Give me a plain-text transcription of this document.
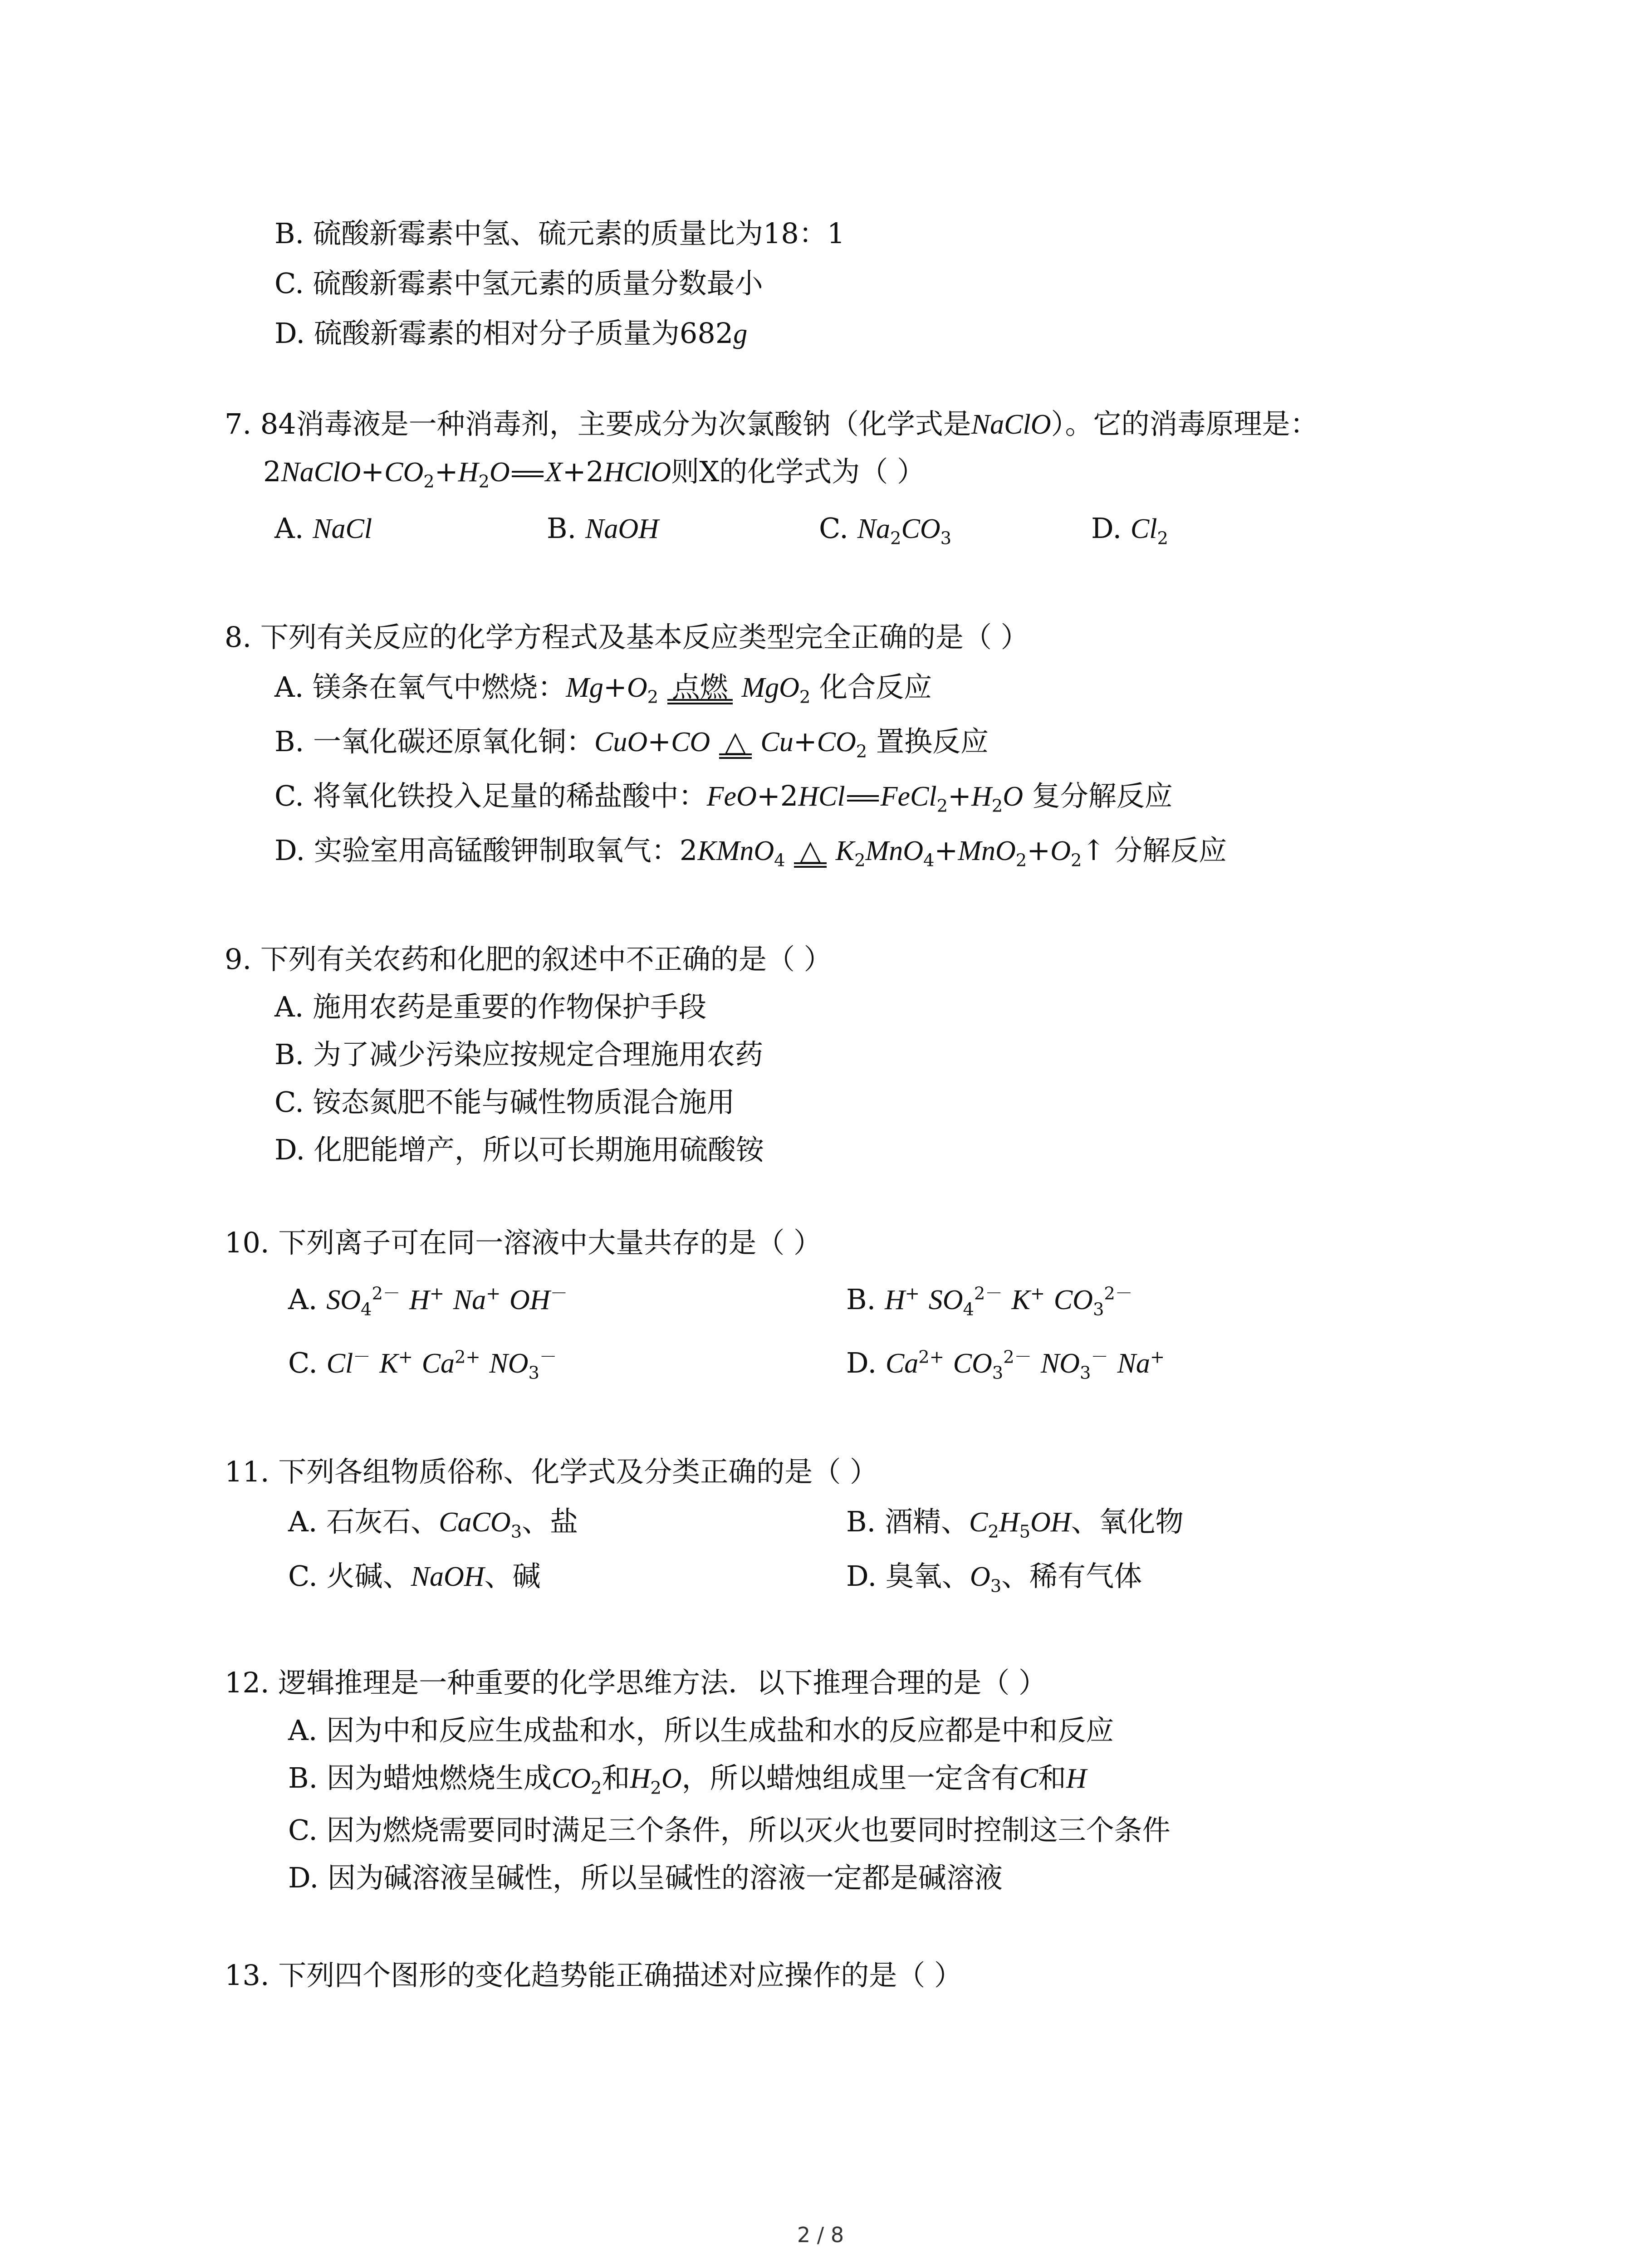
B. 硫酸新霉素中氢、硫元素的质量比为18：1
C. 硫酸新霉素中氢元素的质量分数最小
D. 硫酸新霉素的相对分子质量为682g
7. 84消毒液是一种消毒剂，主要成分为次氯酸钠（化学式是NaClO）。它的消毒原理是：
$2NaClO+CO_2+H_2O$ X+2HClO则X的化学式为（ ）
A. NaCl	B. NaOH	C. $Na_2CO_3$	D. $Cl_2$
8. 下列有关反应的化学方程式及基本反应类型完全正确的是（ ）
A. 镁条在氧气中燃烧：$Mg+O_2$ 点燃 MgO$_2$ 化合反应
B. 一氧化碳还原氧化铜：CuO+CO △ $Cu+CO_2$ 置换反应
C. 将氧化铁投入足量的稀盐酸中：FeO+2HCl $FeCl_2+H_2O$ 复分解反应
D. 实验室用高锰酸钾制取氧气：2KMnO$_4$ △ $K_2MnO_4+MnO_2+O_2↑$ 分解反应
9. 下列有关农药和化肥的叙述中不正确的是（ ）
A. 施用农药是重要的作物保护手段
B. 为了减少污染应按规定合理施用农药
C. 铵态氮肥不能与碱性物质混合施用
D. 化肥能增产，所以可长期施用硫酸铵
10. 下列离子可在同一溶液中大量共存的是（ ）
A. $SO_4^{2-}$ H+ Na+ OH－	B. H+ $SO_4^{2-}$ K+ $CO_3^{2-}$
C. Cl－ K+ $Ca^{2+}$ $NO_3^-$	D. $Ca^{2+}$ $CO_3^{2-}$ $NO_3^-$ Na+
11. 下列各组物质俗称、化学式及分类正确的是（ ）
A. 石灰石、CaCO$_3$、盐	B. 酒精、$C_2H_5OH$、氧化物
C. 火碱、NaOH、碱	D. 臭氧、$O_3$、稀有气体
12. 逻辑推理是一种重要的化学思维方法．以下推理合理的是（ ）
A. 因为中和反应生成盐和水，所以生成盐和水的反应都是中和反应
B. 因为蜡烛燃烧生成$CO_2$和$H_2O$，所以蜡烛组成里一定含有C和H
C. 因为燃烧需要同时满足三个条件，所以灭火也要同时控制这三个条件
D. 因为碱溶液呈碱性，所以呈碱性的溶液一定都是碱溶液
13. 下列四个图形的变化趋势能正确描述对应操作的是（ ）
2 / 8
